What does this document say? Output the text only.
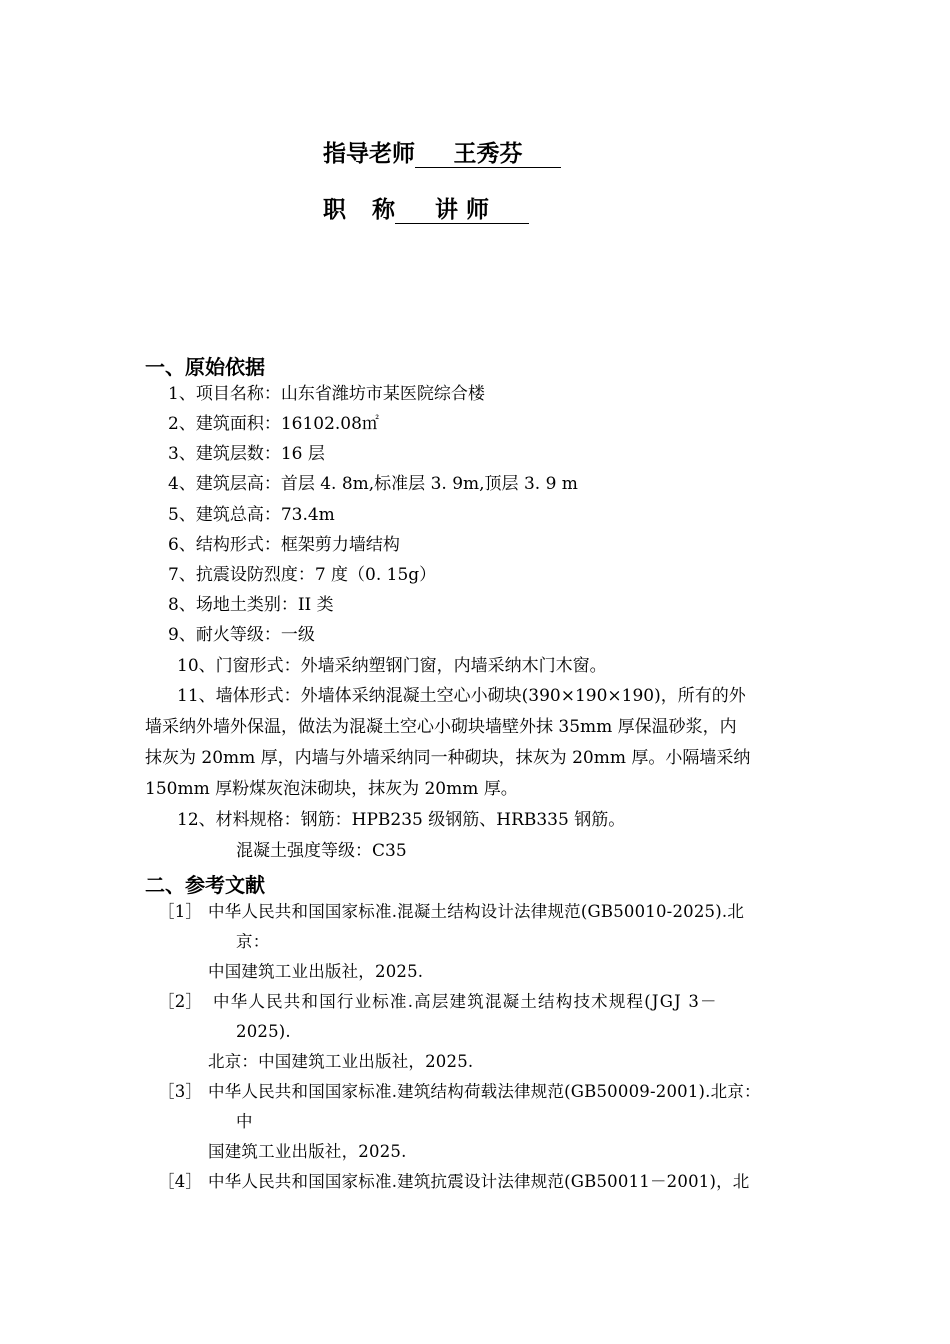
指导老师 王秀芬
职 称 讲 师
一、原始依据
1、项目名称：山东省潍坊市某医院综合楼
2、建筑面积：16102.08㎡
3、建筑层数：16 层
4、建筑层高：首层 4. 8m,标准层 3. 9m,顶层 3. 9 m
5、建筑总高：73.4m
6、结构形式：框架剪力墙结构
7、抗震设防烈度：7 度（0. 15g）
8、场地土类别：II 类
9、耐火等级：一级
10、门窗形式：外墙采纳塑钢门窗，内墙采纳木门木窗。
11、墙体形式：外墙体采纳混凝土空心小砌块(390×190×190)，所有的外
墙采纳外墙外保温，做法为混凝土空心小砌块墙壁外抹 35mm 厚保温砂浆，内
抹灰为 20mm 厚，内墙与外墙采纳同一种砌块，抹灰为 20mm 厚。小隔墙采纳
150mm 厚粉煤灰泡沫砌块，抹灰为 20mm 厚。
12、材料规格：钢筋：HPB235 级钢筋、HRB335 钢筋。
混凝土强度等级：C35
二、参考文献
［1］ 中华人民共和国国家标准.混凝土结构设计法律规范(GB50010-2025).北
京：
中国建筑工业出版社，2025.
［2］ 中华人民共和国行业标准.高层建筑混凝土结构技术规程(JGJ 3－
2025).
北京：中国建筑工业出版社，2025.
［3］ 中华人民共和国国家标准.建筑结构荷载法律规范(GB50009-2001).北京：
中
国建筑工业出版社，2025.
［4］ 中华人民共和国国家标准.建筑抗震设计法律规范(GB50011－2001)，北
